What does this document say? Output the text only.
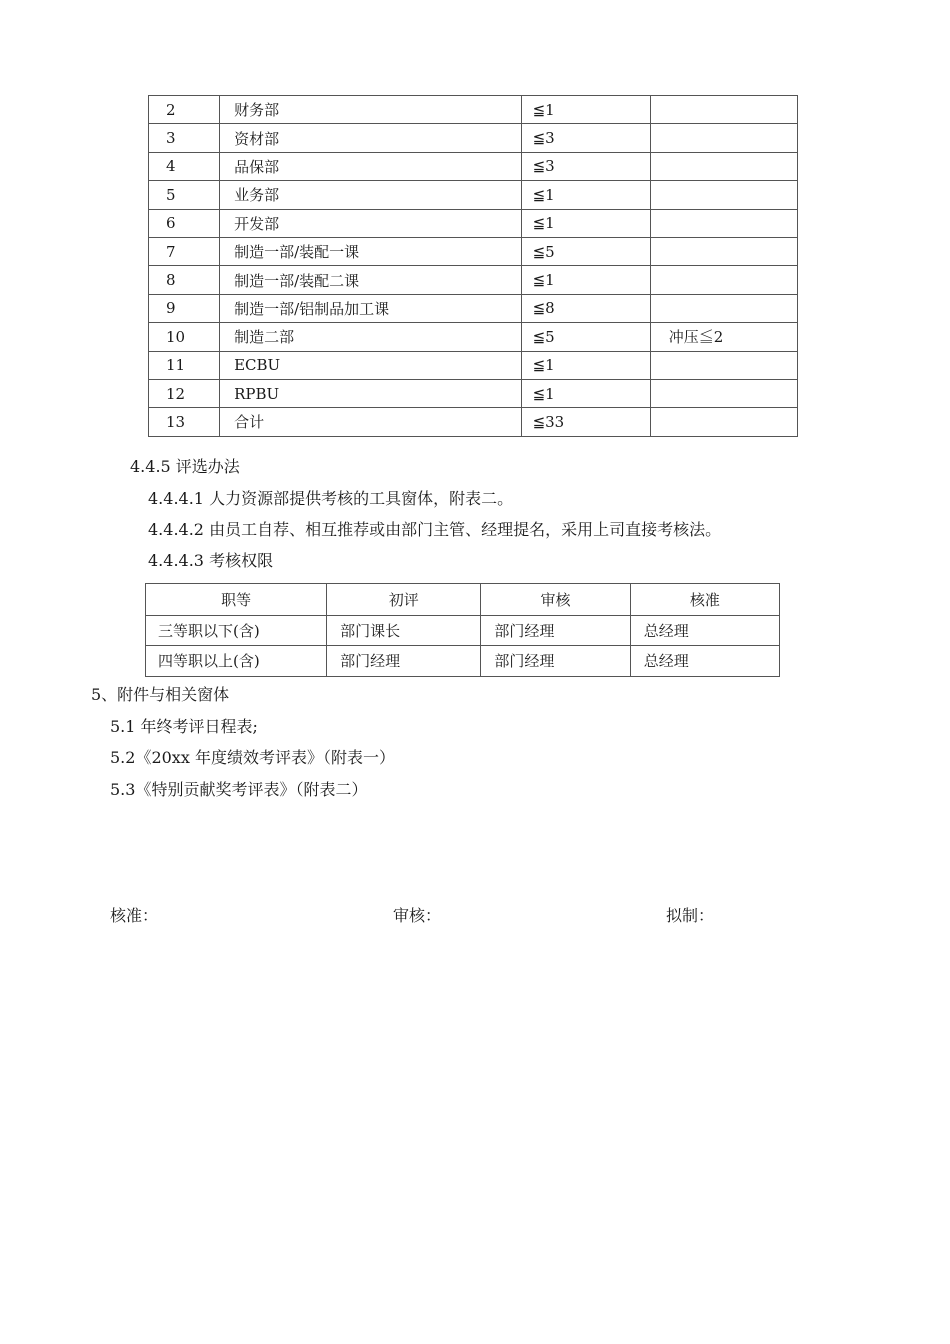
2	财务部	≦1	
3	资材部	≦3	
4	品保部	≦3	
5	业务部	≦1	
6	开发部	≦1	
7	制造一部/装配一课	≦5	
8	制造一部/装配二课	≦1	
9	制造一部/铝制品加工课	≦8	
10	制造二部	≦5	冲压≦2
11	ECBU	≦1	
12	RPBU	≦1	
13	合计	≦33	
4.4.5 评选办法
4.4.4.1 人力资源部提供考核的工具窗体，附表二。
4.4.4.2 由员工自荐、相互推荐或由部门主管、经理提名，采用上司直接考核法。
4.4.4.3 考核权限
职等	初评	审核	核准
三等职以下(含)	部门课长	部门经理	总经理
四等职以上(含)	部门经理	部门经理	总经理
5、附件与相关窗体
5.1 年终考评日程表;
5.2《20xx 年度绩效考评表》（附表一）
5.3《特别贡献奖考评表》（附表二）
核准：	审核：	拟制：
